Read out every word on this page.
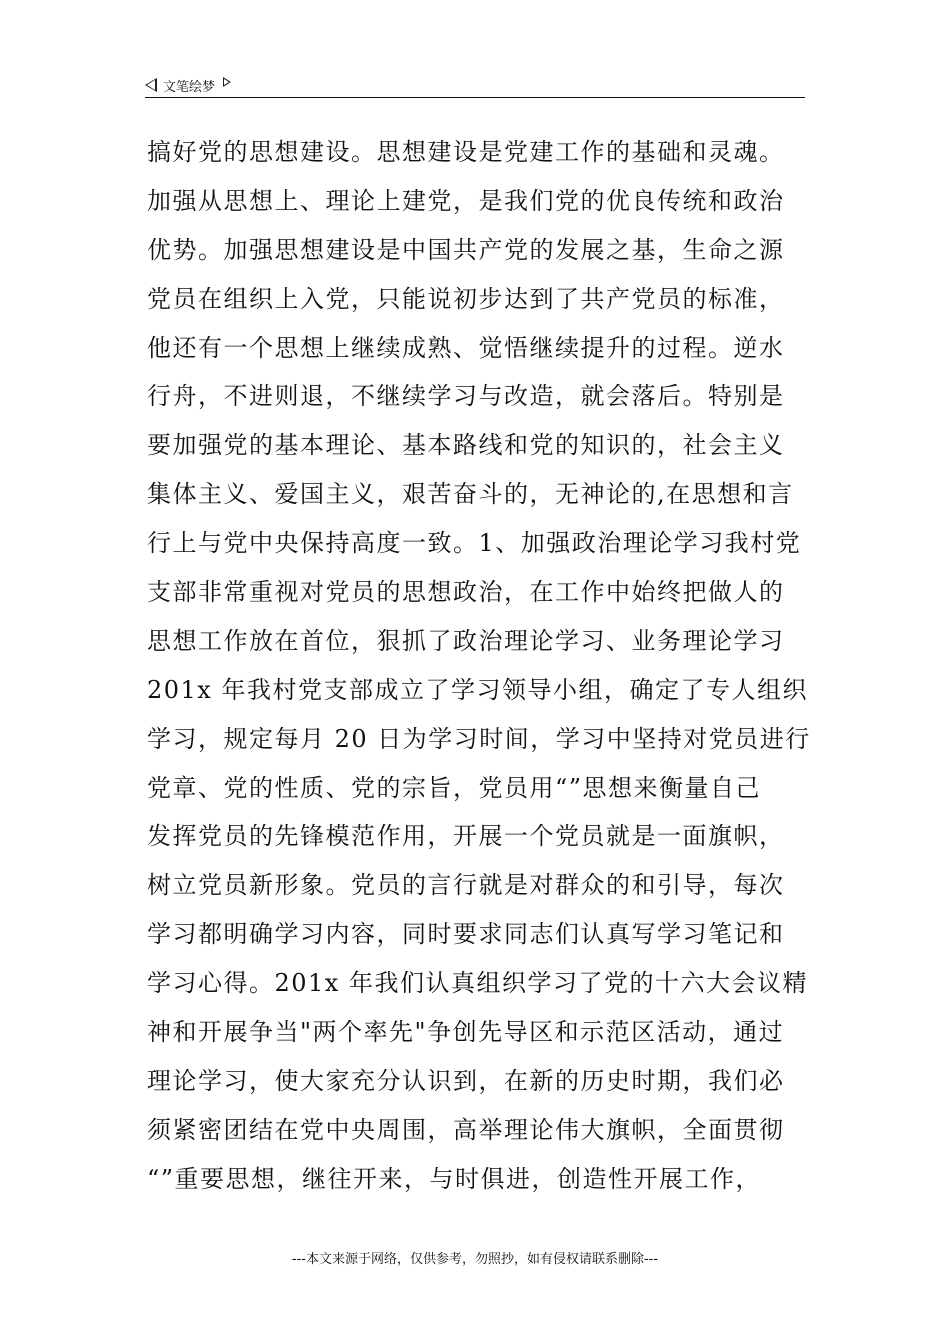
文笔绘梦
搞好党的思想建设。思想建设是党建工作的基础和灵魂。
加强从思想上、理论上建党，是我们党的优良传统和政治
优势。加强思想建设是中国共产党的发展之基，生命之源
党员在组织上入党，只能说初步达到了共产党员的标准，
他还有一个思想上继续成熟、觉悟继续提升的过程。逆水
行舟，不进则退，不继续学习与改造，就会落后。特别是
要加强党的基本理论、基本路线和党的知识的，社会主义
集体主义、爱国主义，艰苦奋斗的，无神论的,在思想和言
行上与党中央保持高度一致。1、加强政治理论学习我村党
支部非常重视对党员的思想政治，在工作中始终把做人的
思想工作放在首位，狠抓了政治理论学习、业务理论学习
201x 年我村党支部成立了学习领导小组，确定了专人组织
学习，规定每月 20 日为学习时间，学习中坚持对党员进行
党章、党的性质、党的宗旨，党员用“”思想来衡量自己
发挥党员的先锋模范作用，开展一个党员就是一面旗帜，
树立党员新形象。党员的言行就是对群众的和引导，每次
学习都明确学习内容，同时要求同志们认真写学习笔记和
学习心得。201x 年我们认真组织学习了党的十六大会议精
神和开展争当"两个率先"争创先导区和示范区活动，通过
理论学习，使大家充分认识到，在新的历史时期，我们必
须紧密团结在党中央周围，高举理论伟大旗帜，全面贯彻
“”重要思想，继往开来，与时俱进，创造性开展工作，
---本文来源于网络，仅供参考，勿照抄，如有侵权请联系删除---
